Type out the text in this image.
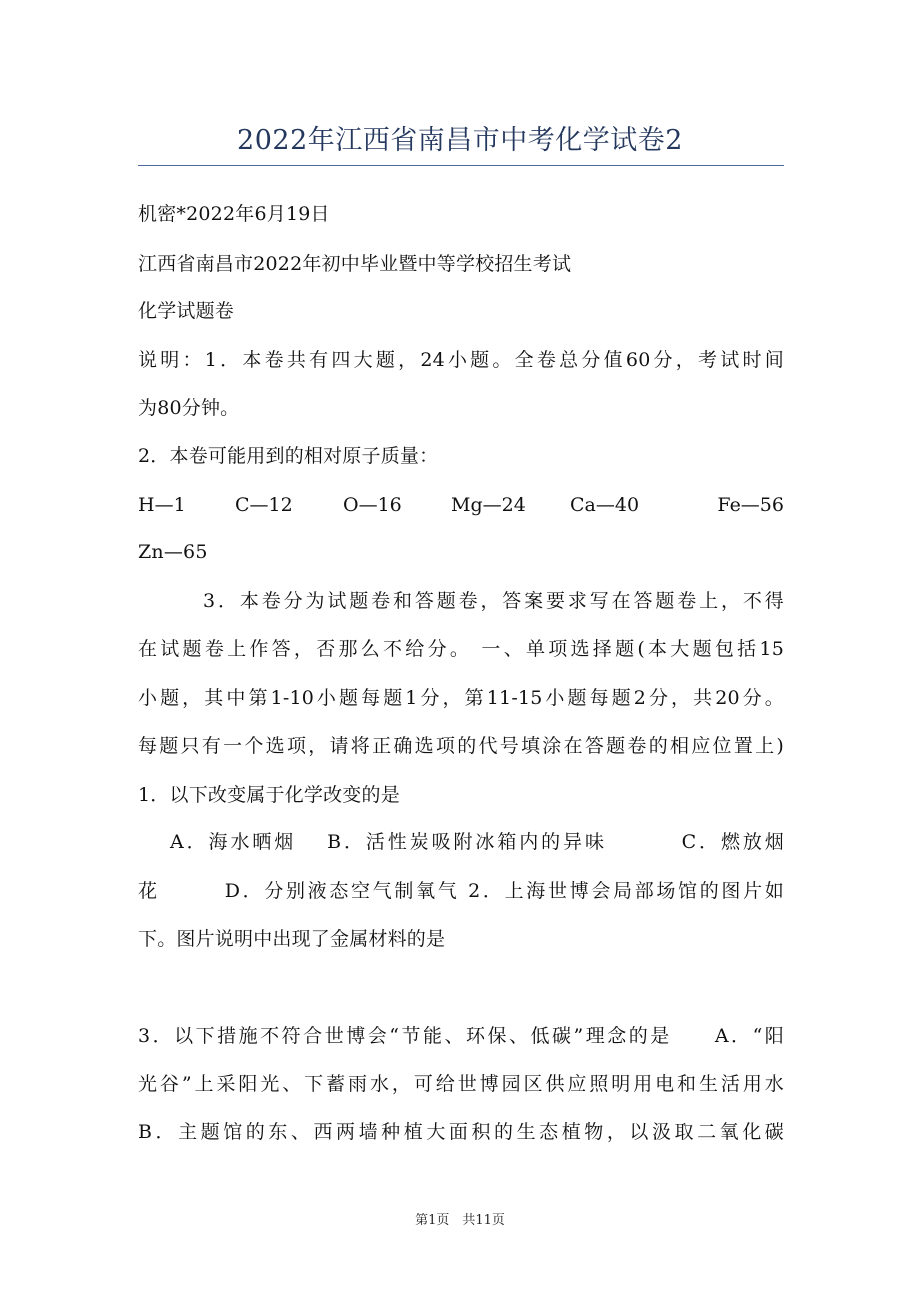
2022年江西省南昌市中考化学试卷2
机密*2022年6月19日
江西省南昌市2022年初中毕业暨中等学校招生考试
化学试题卷
说明：1．本卷共有四大题，24小题。全卷总分值60分，考试时间
为80分钟。
2．本卷可能用到的相对原子质量：
H—1	C—12	O—16	Mg—24 Ca—40	Fe—56
Zn—65
3．本卷分为试题卷和答题卷，答案要求写在答题卷上，不得
在试题卷上作答，否那么不给分。 一、单项选择题(本大题包括15
小题，其中第1-10小题每题1分，第11-15小题每题2分，共20分。
每题只有一个选项，请将正确选项的代号填涂在答题卷的相应位置上)
1．以下改变属于化学改变的是
A．海水晒烟　 B．活性炭吸附冰箱内的异味　　　 C．燃放烟
花　　　D．分别液态空气制氧气 2．上海世博会局部场馆的图片如
下。图片说明中出现了金属材料的是
3．以下措施不符合世博会“节能、环保、低碳”理念的是　　A．“阳
光谷”上采阳光、下蓄雨水，可给世博园区供应照明用电和生活用水
B．主题馆的东、西两墙种植大面积的生态植物，以汲取二氧化碳
第1页　共11页
